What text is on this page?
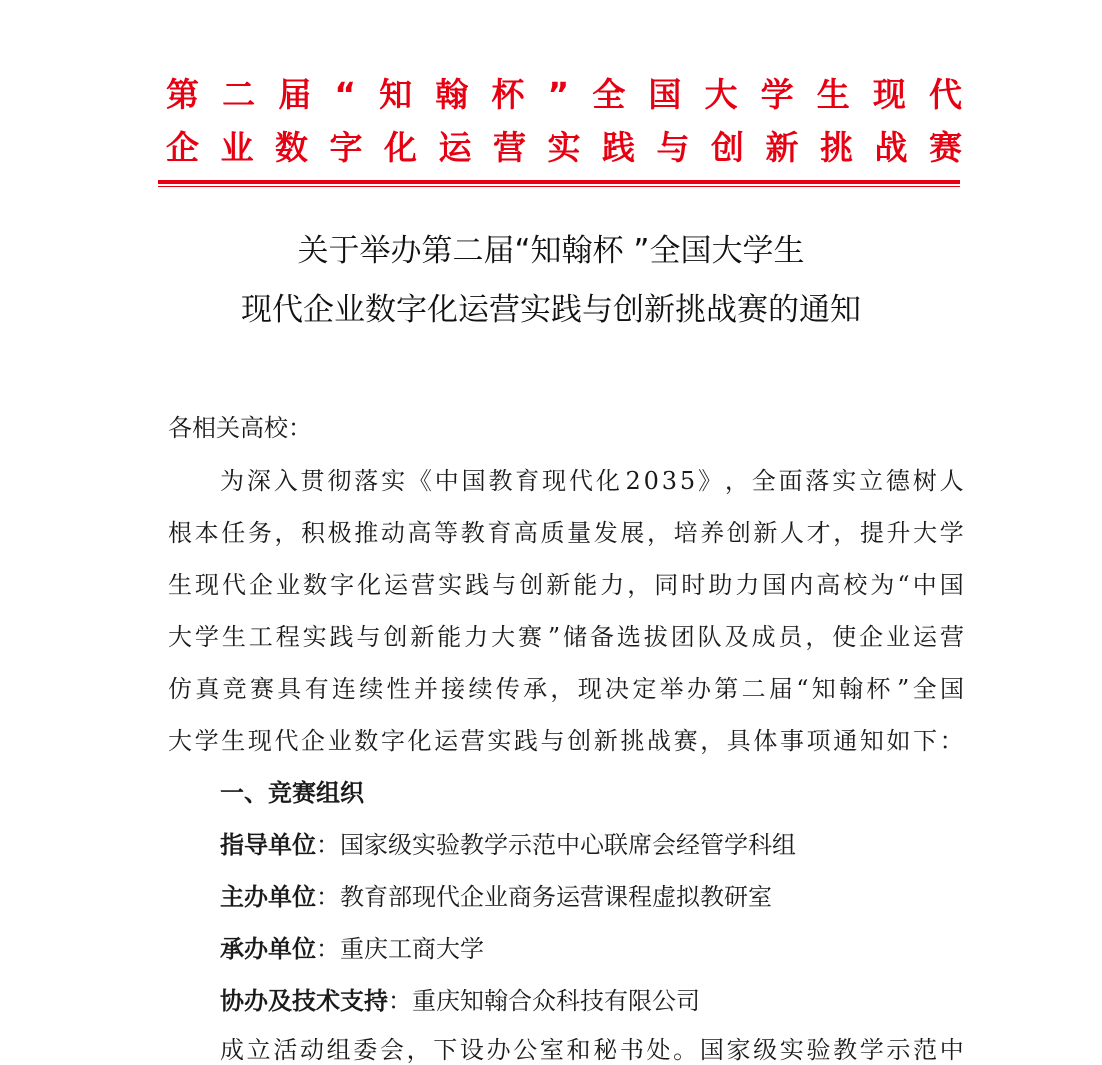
第 二 届 “ 知 翰 杯 ” 全 国 大 学 生 现 代
企 业 数 字 化 运 营 实 践 与 创 新 挑 战 赛
关于举办第二届“知翰杯 ”全国大学生
现代企业数字化运营实践与创新挑战赛的通知
各相关高校：
为 深 入 贯 彻 落 实 《 中 国 教 育 现 代 化 2 0 3 5 》 ， 全 面 落 实 立 德 树 人
根 本 任 务 ， 积 极 推 动 高 等 教 育 高 质 量 发 展 ， 培 养 创 新 人 才 ， 提 升 大 学
生 现 代 企 业 数 字 化 运 营 实 践 与 创 新 能 力 ， 同 时 助 力 国 内 高 校 为 “ 中 国
大 学 生 工 程 实 践 与 创 新 能 力 大 赛 ” 储 备 选 拔 团 队 及 成 员 ， 使 企 业 运 营
仿 真 竞 赛 具 有 连 续 性 并 接 续 传 承 ， 现 决 定 举 办 第 二 届 “ 知 翰 杯 ” 全 国
大 学 生 现 代 企 业 数 字 化 运 营 实 践 与 创 新 挑 战 赛 ， 具 体 事 项 通 知 如 下 ：
一、竞赛组织
指导单位：国家级实验教学示范中心联席会经管学科组
主办单位：教育部现代企业商务运营课程虚拟教研室
承办单位：重庆工商大学
协办及技术支持：重庆知翰合众科技有限公司
成 立 活 动 组 委 会 ， 下 设 办 公 室 和 秘 书 处 。 国 家 级 实 验 教 学 示 范 中
